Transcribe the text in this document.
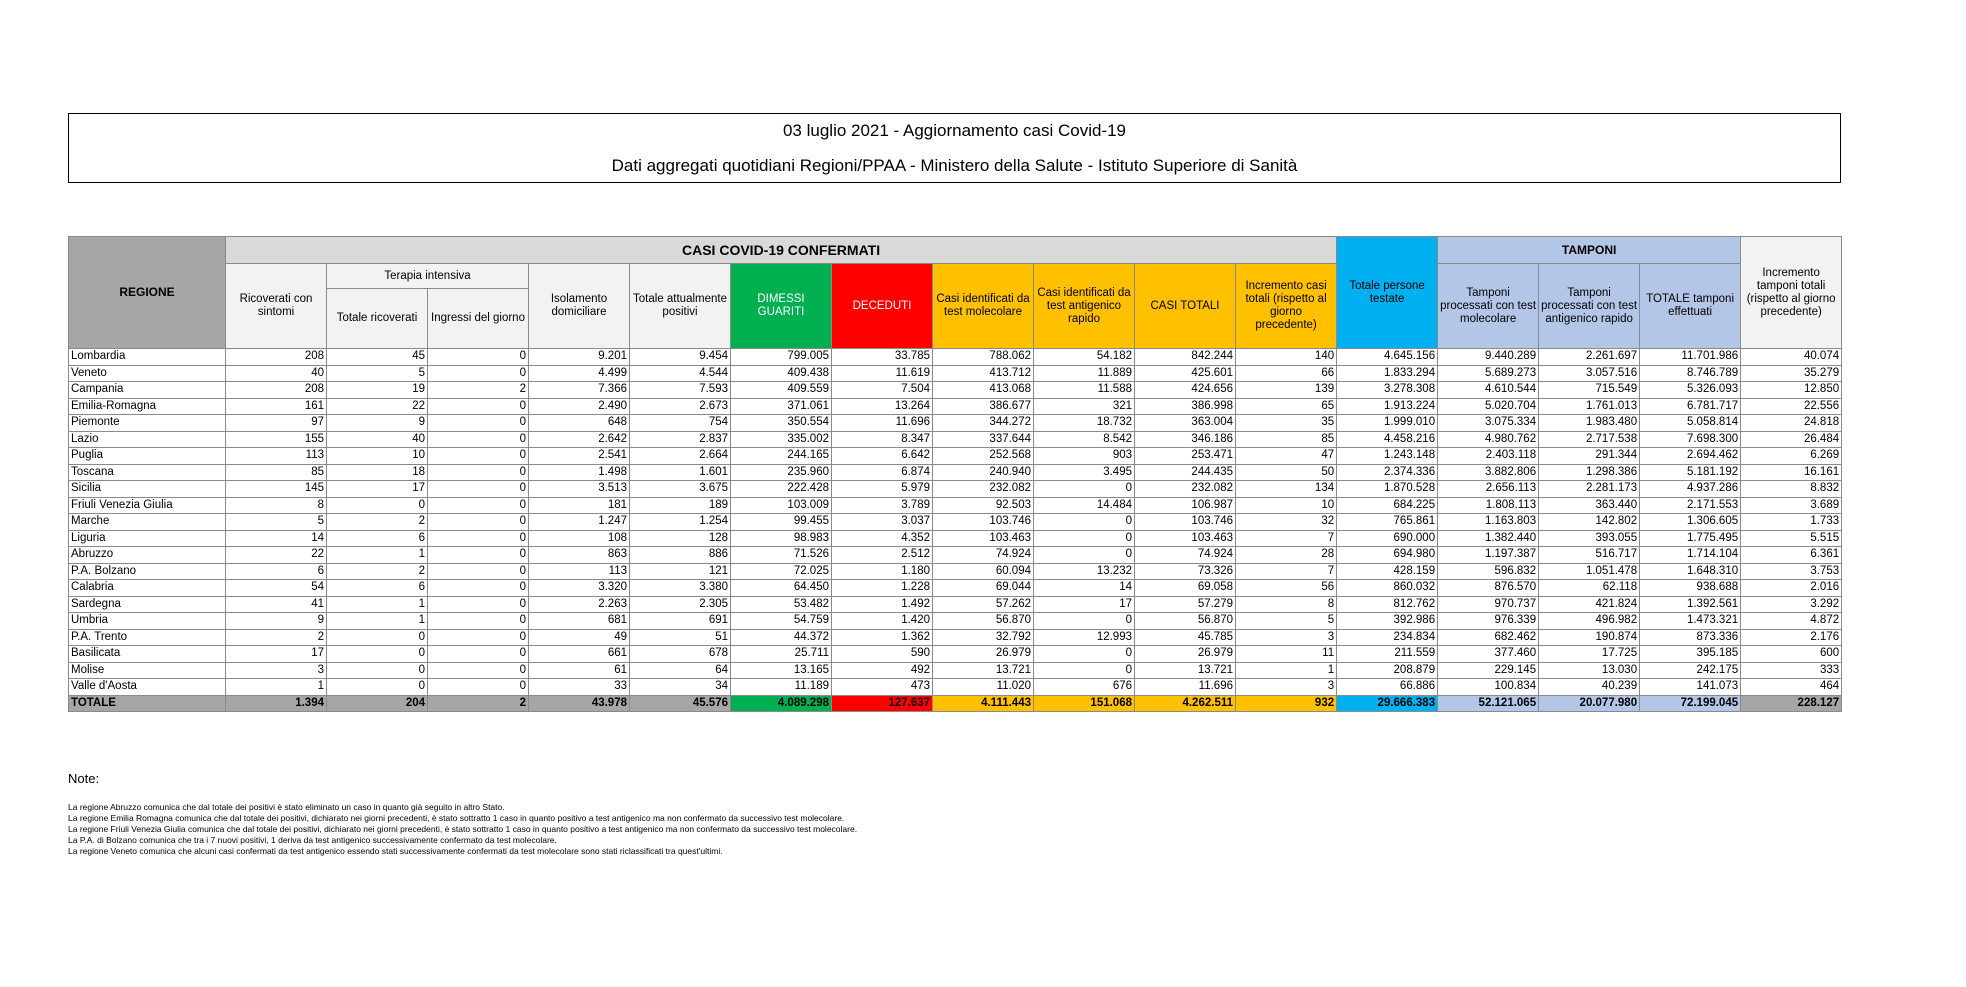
03 luglio 2021 - Aggiornamento casi Covid-19
Dati aggregati quotidiani Regioni/PPAA - Ministero della Salute - Istituto Superiore di Sanità
REGIONE	CASI COVID-19 CONFERMATI											Totale persone testate	TAMPONI			Incremento tamponi totali (rispetto al giorno precedente)
	Ricoverati con sintomi	Terapia intensiva		Isolamento domiciliare	Totale attualmente positivi	DIMESSI GUARITI	DECEDUTI	Casi identificati da test molecolare	Casi identificati da test antigenico rapido	CASI TOTALI	Incremento casi totali (rispetto al giorno precedente)		Tamponi processati con test molecolare	Tamponi processati con test antigenico rapido	TOTALE tamponi effettuati	
		Totale ricoverati	Ingressi del giorno													
Lombardia	208	45	0	9.201	9.454	799.005	33.785	788.062	54.182	842.244	140	4.645.156	9.440.289	2.261.697	11.701.986	40.074
Veneto	40	5	0	4.499	4.544	409.438	11.619	413.712	11.889	425.601	66	1.833.294	5.689.273	3.057.516	8.746.789	35.279
Campania	208	19	2	7.366	7.593	409.559	7.504	413.068	11.588	424.656	139	3.278.308	4.610.544	715.549	5.326.093	12.850
Emilia-Romagna	161	22	0	2.490	2.673	371.061	13.264	386.677	321	386.998	65	1.913.224	5.020.704	1.761.013	6.781.717	22.556
Piemonte	97	9	0	648	754	350.554	11.696	344.272	18.732	363.004	35	1.999.010	3.075.334	1.983.480	5.058.814	24.818
Lazio	155	40	0	2.642	2.837	335.002	8.347	337.644	8.542	346.186	85	4.458.216	4.980.762	2.717.538	7.698.300	26.484
Puglia	113	10	0	2.541	2.664	244.165	6.642	252.568	903	253.471	47	1.243.148	2.403.118	291.344	2.694.462	6.269
Toscana	85	18	0	1.498	1.601	235.960	6.874	240.940	3.495	244.435	50	2.374.336	3.882.806	1.298.386	5.181.192	16.161
Sicilia	145	17	0	3.513	3.675	222.428	5.979	232.082	0	232.082	134	1.870.528	2.656.113	2.281.173	4.937.286	8.832
Friuli Venezia Giulia	8	0	0	181	189	103.009	3.789	92.503	14.484	106.987	10	684.225	1.808.113	363.440	2.171.553	3.689
Marche	5	2	0	1.247	1.254	99.455	3.037	103.746	0	103.746	32	765.861	1.163.803	142.802	1.306.605	1.733
Liguria	14	6	0	108	128	98.983	4.352	103.463	0	103.463	7	690.000	1.382.440	393.055	1.775.495	5.515
Abruzzo	22	1	0	863	886	71.526	2.512	74.924	0	74.924	28	694.980	1.197.387	516.717	1.714.104	6.361
P.A. Bolzano	6	2	0	113	121	72.025	1.180	60.094	13.232	73.326	7	428.159	596.832	1.051.478	1.648.310	3.753
Calabria	54	6	0	3.320	3.380	64.450	1.228	69.044	14	69.058	56	860.032	876.570	62.118	938.688	2.016
Sardegna	41	1	0	2.263	2.305	53.482	1.492	57.262	17	57.279	8	812.762	970.737	421.824	1.392.561	3.292
Umbria	9	1	0	681	691	54.759	1.420	56.870	0	56.870	5	392.986	976.339	496.982	1.473.321	4.872
P.A. Trento	2	0	0	49	51	44.372	1.362	32.792	12.993	45.785	3	234.834	682.462	190.874	873.336	2.176
Basilicata	17	0	0	661	678	25.711	590	26.979	0	26.979	11	211.559	377.460	17.725	395.185	600
Molise	3	0	0	61	64	13.165	492	13.721	0	13.721	1	208.879	229.145	13.030	242.175	333
Valle d'Aosta	1	0	0	33	34	11.189	473	11.020	676	11.696	3	66.886	100.834	40.239	141.073	464
TOTALE	1.394	204	2	43.978	45.576	4.089.298	127.637	4.111.443	151.068	4.262.511	932	29.666.383	52.121.065	20.077.980	72.199.045	228.127
Note:
La regione Abruzzo comunica che dal totale dei positivi è stato eliminato un caso in quanto già seguito in altro Stato.
La regione Emilia Romagna comunica che dal totale dei positivi, dichiarato nei giorni precedenti, è stato sottratto 1 caso in quanto positivo a test antigenico ma non confermato da successivo test molecolare.
La regione Friuli Venezia Giulia comunica che dal totale dei positivi, dichiarato nei giorni precedenti, è stato sottratto 1 caso in quanto positivo a test antigenico ma non confermato da successivo test molecolare.
La P.A. di Bolzano comunica che tra i 7 nuovi positivi, 1 deriva da test antigenico successivamente confermato da test molecolare.
La regione Veneto comunica che alcuni casi confermati da test antigenico essendo stati successivamente confermati da test molecolare sono stati riclassificati tra quest'ultimi.
